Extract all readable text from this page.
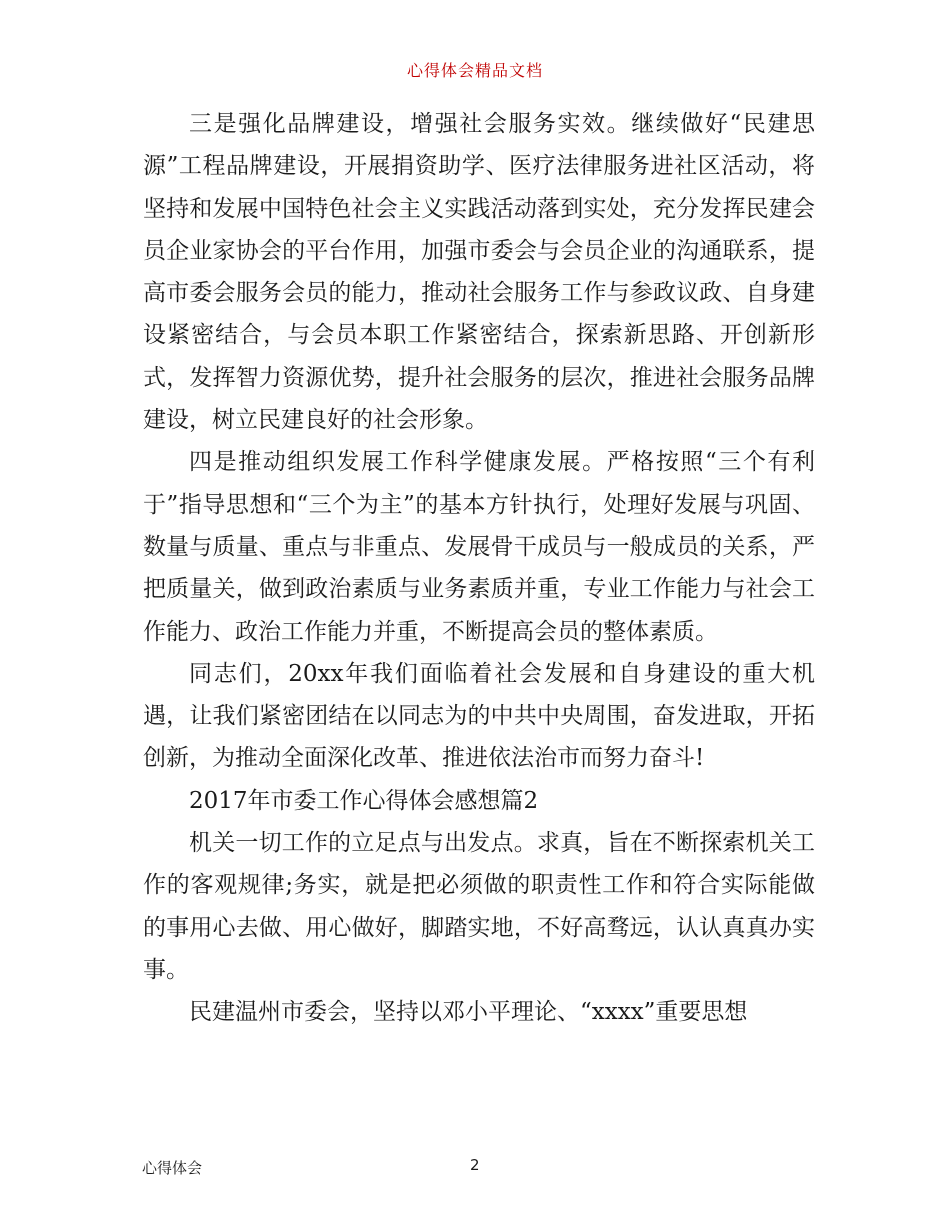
心得体会精品文档

三是强化品牌建设，增强社会服务实效。继续做好“民建思源”工程品牌建设，开展捐资助学、医疗法律服务进社区活动，将坚持和发展中国特色社会主义实践活动落到实处，充分发挥民建会员企业家协会的平台作用，加强市委会与会员企业的沟通联系，提高市委会服务会员的能力，推动社会服务工作与参政议政、自身建设紧密结合，与会员本职工作紧密结合，探索新思路、开创新形式，发挥智力资源优势，提升社会服务的层次，推进社会服务品牌建设，树立民建良好的社会形象。

四是推动组织发展工作科学健康发展。严格按照“三个有利于”指导思想和“三个为主”的基本方针执行，处理好发展与巩固、数量与质量、重点与非重点、发展骨干成员与一般成员的关系，严把质量关，做到政治素质与业务素质并重，专业工作能力与社会工作能力、政治工作能力并重，不断提高会员的整体素质。

同志们，20xx年我们面临着社会发展和自身建设的重大机遇，让我们紧密团结在以同志为的中共中央周围，奋发进取，开拓创新，为推动全面深化改革、推进依法治市而努力奋斗!

2017年市委工作心得体会感想篇2

机关一切工作的立足点与出发点。求真，旨在不断探索机关工作的客观规律;务实，就是把必须做的职责性工作和符合实际能做的事用心去做、用心做好，脚踏实地，不好高骛远，认认真真办实事。

民建温州市委会，坚持以邓小平理论、“xxxx”重要思想

心得体会	2
